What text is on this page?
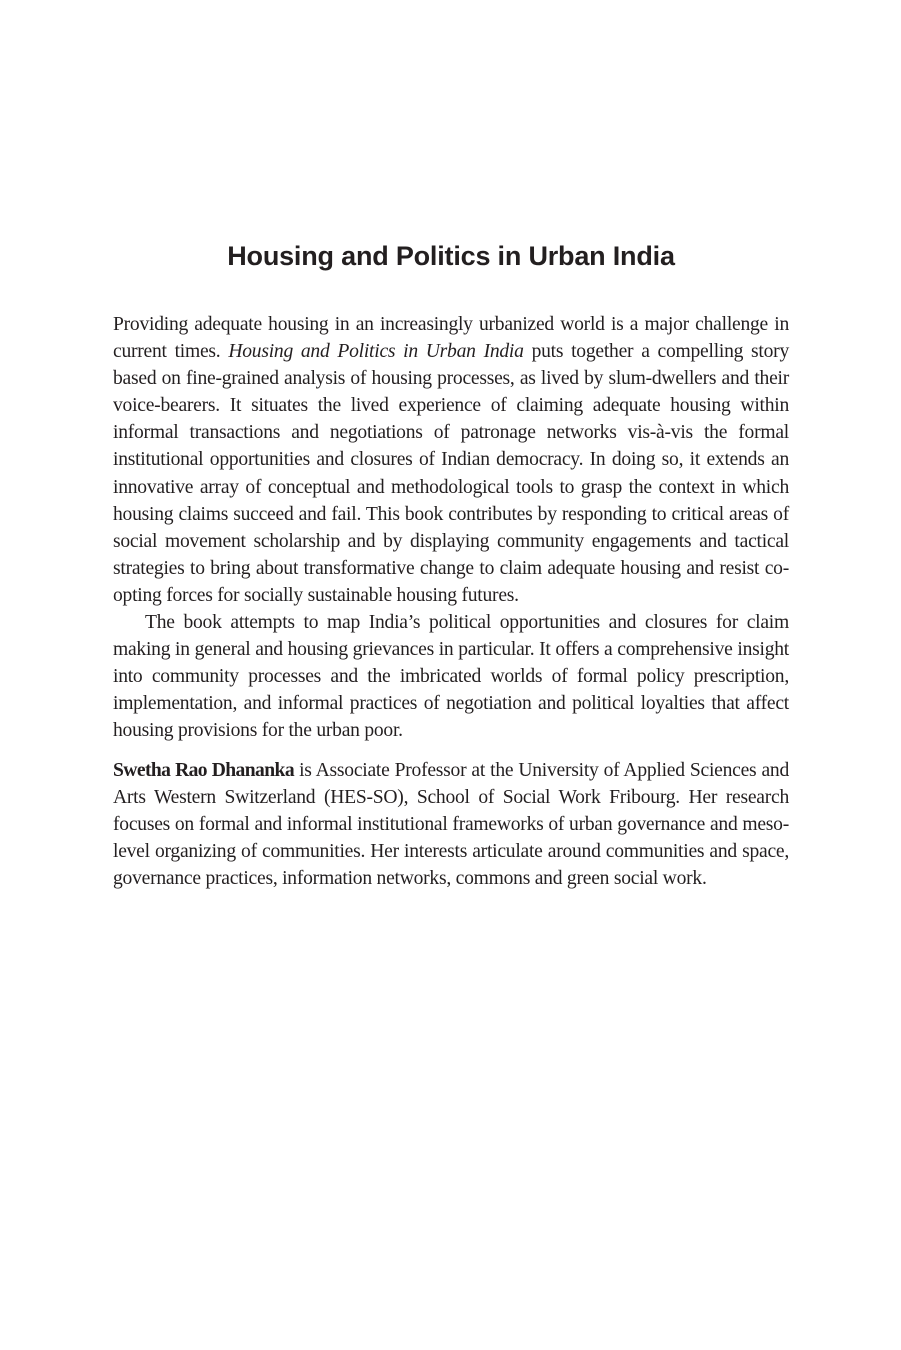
Housing and Politics in Urban India

Providing adequate housing in an increasingly urbanized world is a major challenge in current times. Housing and Politics in Urban India puts together a compelling story based on fine-grained analysis of housing processes, as lived by slum-dwellers and their voice-bearers. It situates the lived experience of claiming adequate housing within informal transactions and negotiations of patronage networks vis-à-vis the formal institutional opportunities and closures of Indian democracy. In doing so, it extends an innovative array of conceptual and methodological tools to grasp the context in which housing claims succeed and fail. This book contributes by responding to critical areas of social movement scholarship and by displaying community engagements and tactical strategies to bring about transformative change to claim adequate housing and resist co-opting forces for socially sustainable housing futures.

The book attempts to map India’s political opportunities and closures for claim making in general and housing grievances in particular. It offers a comprehensive insight into community processes and the imbricated worlds of formal policy prescription, implementation, and informal practices of negotiation and political loyalties that affect housing provisions for the urban poor.

Swetha Rao Dhananka is Associate Professor at the University of Applied Sciences and Arts Western Switzerland (HES-SO), School of Social Work Fribourg. Her research focuses on formal and informal institutional frameworks of urban governance and meso-level organizing of communities. Her interests articulate around communities and space, governance practices, information networks, commons and green social work.
